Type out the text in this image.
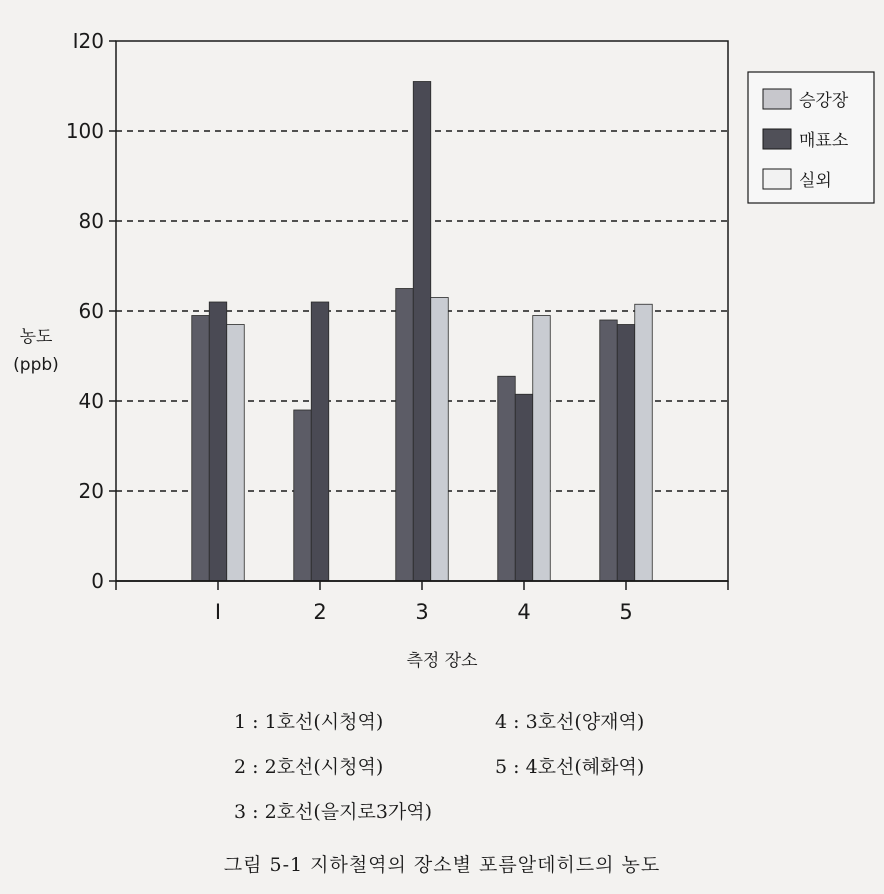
0
20
40
60
80
100
I20
I	2	3	4	5
농도
(ppb)
승강장
매표소
실외
측정 장소
1 : 1호선(시청역)	4 : 3호선(양재역)
2 : 2호선(시청역)	5 : 4호선(혜화역)
3 : 2호선(을지로3가역)
그림 5-1 지하철역의 장소별 포름알데히드의 농도
